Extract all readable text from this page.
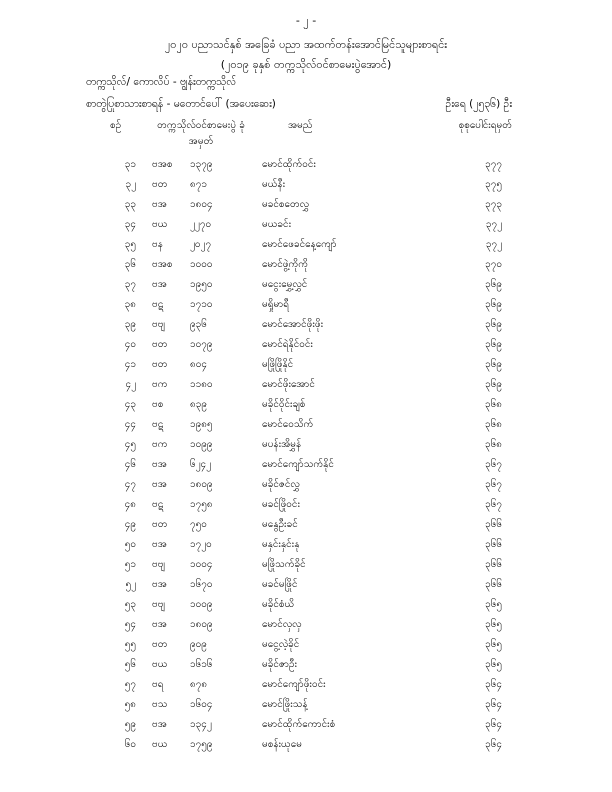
- ၂ -
၂၀၂၀ ပညာသင်နှစ် အခြေခံ ပညာ အထက်တန်းအောင်မြင်သူများစာရင်း
(၂၀၁၉ ခုနှစ် တက္ကသိုလ်ဝင်စာမေးပွဲအောင်)
တက္ကသိုလ်/ ကောလိပ် - ဗျွန်းတက္ကသိုလ်
စာတွဲပြုစာသားစာရန် - မတောင်ပေါ် (အပေးဆေး)	ဦးရေ (၂၅၃၆) ဦး
စဉ်	တက္ကသိုလ်ဝင်စာမေးပွဲ ခုံအမှတ်
အမည်	စုစုပေါင်းရမှတ်
၃၁ ဗအစ ၁၃၇၉	မောင်ထိုက်ဝင်း	၃၇၇
၃၂ ဗတ ၈၇၁	မယ်နီး	၃၇၅
၃၃ ဗအ ၁၈၀၄	မခင်စတေလွှ	၃၇၃
၃၄ ဗယ ၂၂၇၀	မယခင်း	၃၇၂
၃၅ ဗန	၂၀၂၇	မောင်ဖေခင်နေ့ကျော်	၃၇၂
၃၆ ဗအစ ၁၀၀၀	မောင်ဖွဲ့ကိုကို	၃၇၀
၃၇ ဗအ ၁၉၅၀	မငွေးမွှေ့လွှင်	၃၆၉
၃၈ ဗဋ	၁၇၁၀	မရှိုမာရီ	၃၆၉
၃၉ ဗဗျ ၉၃၆	မောင်အောင်ဖိုးဖိုး	၃၆၉
၄၀ ဗတ ၁၀၇၉	မောင်ရဲနိုင်ဝင်း	၃၆၉
၄၁ ဗတ ၈၀၄	မဖြိုဖြိုနိုင်	၃၆၉
၄၂ ဗက ၁၁၈၀	မောင်ဖိုးအောင်	၃၆၉
၄၃ ဗစ	၈၃၉	မခိုင်ဝိုင်းချစ်	၃၆၈
၄၄ ဗဋ	၁၉၈၅	မောင်ဝေသိက်	၃၆၈
၄၅ ဗက ၁၀၉၉	မပန်းအိမွှန်	၃၆၈
၄၆ ဗအ ၆၂၄၂	မောင်ကျော်သက်နိုင်	၃၆၇
၄၇ ဗအ ၁၈၀၉	မခိုင်ဇင်လွှ	၃၆၇
၄၈ ဗဋ	၁၇၅၈	မခင်ဖြိုဝင်း	၃၆၇
၄၉ ဗတ ၇၅၀	မနွေဦးခင်	၃၆၆
၅၀ ဗအ ၁၇၂၀	မနှင်းနှင်းနု	၃၆၆
၅၁ ဗဗျ ၁၀၀၄	မဖြိုသက်ခိုင်	၃၆၆
၅၂ ဗအ ၁၆၇၀	မခင်မဖြိုင်	၃၆၆
၅၃ ဗဗျ ၁၀၀၉	မခိုင်စံယိ	၃၆၅
၅၄ ဗအ ၁၈၀၉	မောင်လှလှ	၃၆၅
၅၅ ဗတ ၉၀၉	မငွေ့လဲ့ခိုင်	၃၆၅
၅၆ ဗယ ၁၆၁၆	မခိုင်ဇာဦး	၃၆၅
၅၇ ဗရ	၈၇၈	မောင်ကျော်ဖိုးဝင်း	၃၆၄
၅၈ ဗသ ၁၆၀၄	မောင်ဖြိုးသန့်	၃၆၄
၅၉ ဗအ ၁၃၄၂	မောင်ထိုက်ကောင်းစံ	၃၆၄
၆၀ ဗယ ၁၇၅၉	မစန်းယုမေ	၃၆၄
